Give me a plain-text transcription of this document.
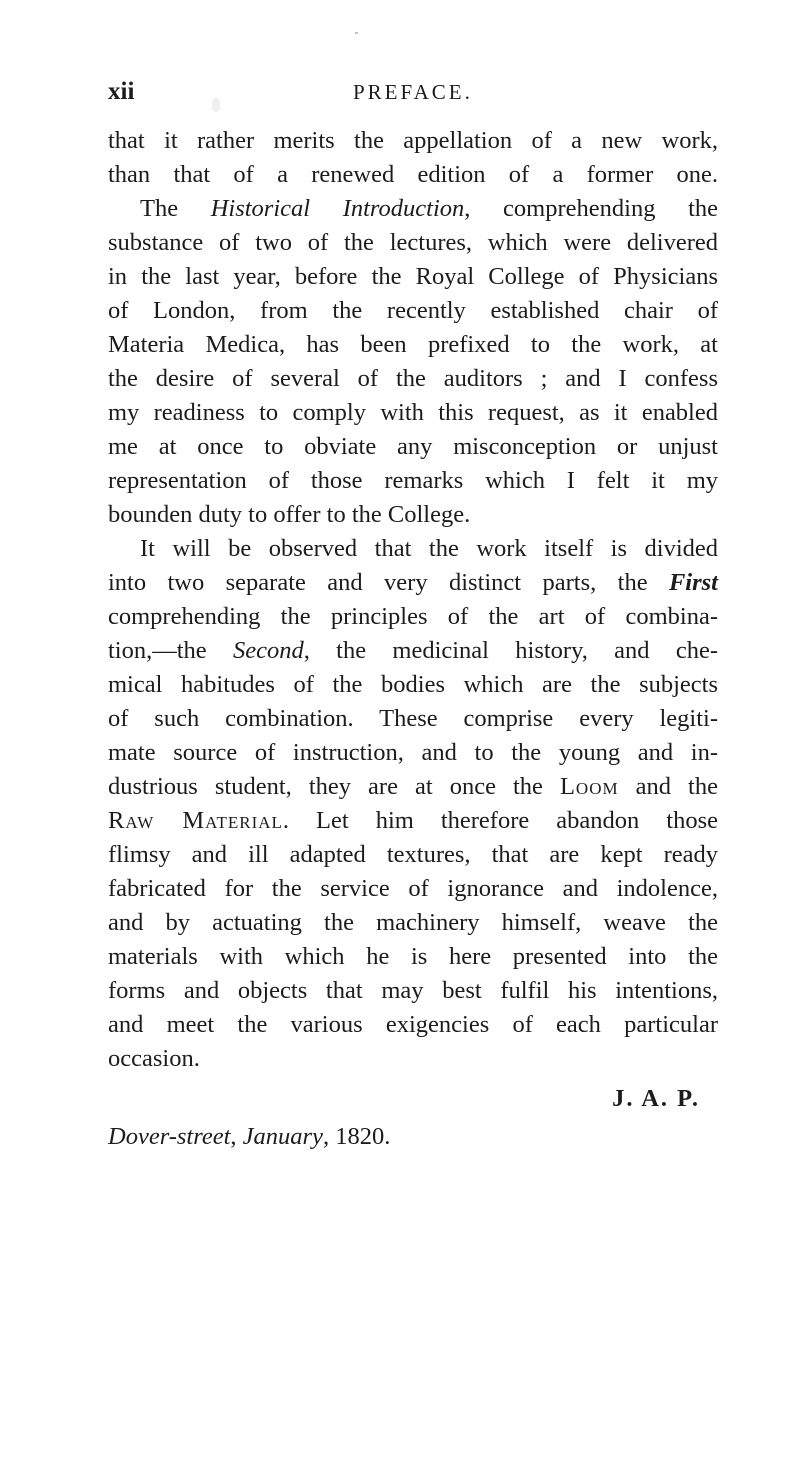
xii	PREFACE.
that it rather merits the appellation of a new work,
than that of a renewed edition of a former one.
The Historical Introduction, comprehending the
substance of two of the lectures, which were delivered
in the last year, before the Royal College of Physicians
of London, from the recently established chair of
Materia Medica, has been prefixed to the work, at
the desire of several of the auditors ; and I confess
my readiness to comply with this request, as it enabled
me at once to obviate any misconception or unjust
representation of those remarks which I felt it my
bounden duty to offer to the College.
It will be observed that the work itself is divided
into two separate and very distinct parts, the First
comprehending the principles of the art of combina-
tion,—the Second, the medicinal history, and che-
mical habitudes of the bodies which are the subjects
of such combination. These comprise every legiti-
mate source of instruction, and to the young and in-
dustrious student, they are at once the Loom and the
Raw Material. Let him therefore abandon those
flimsy and ill adapted textures, that are kept ready
fabricated for the service of ignorance and indolence,
and by actuating the machinery himself, weave the
materials with which he is here presented into the
forms and objects that may best fulfil his intentions,
and meet the various exigencies of each particular
occasion.
J. A. P.
Dover-street, January, 1820.
